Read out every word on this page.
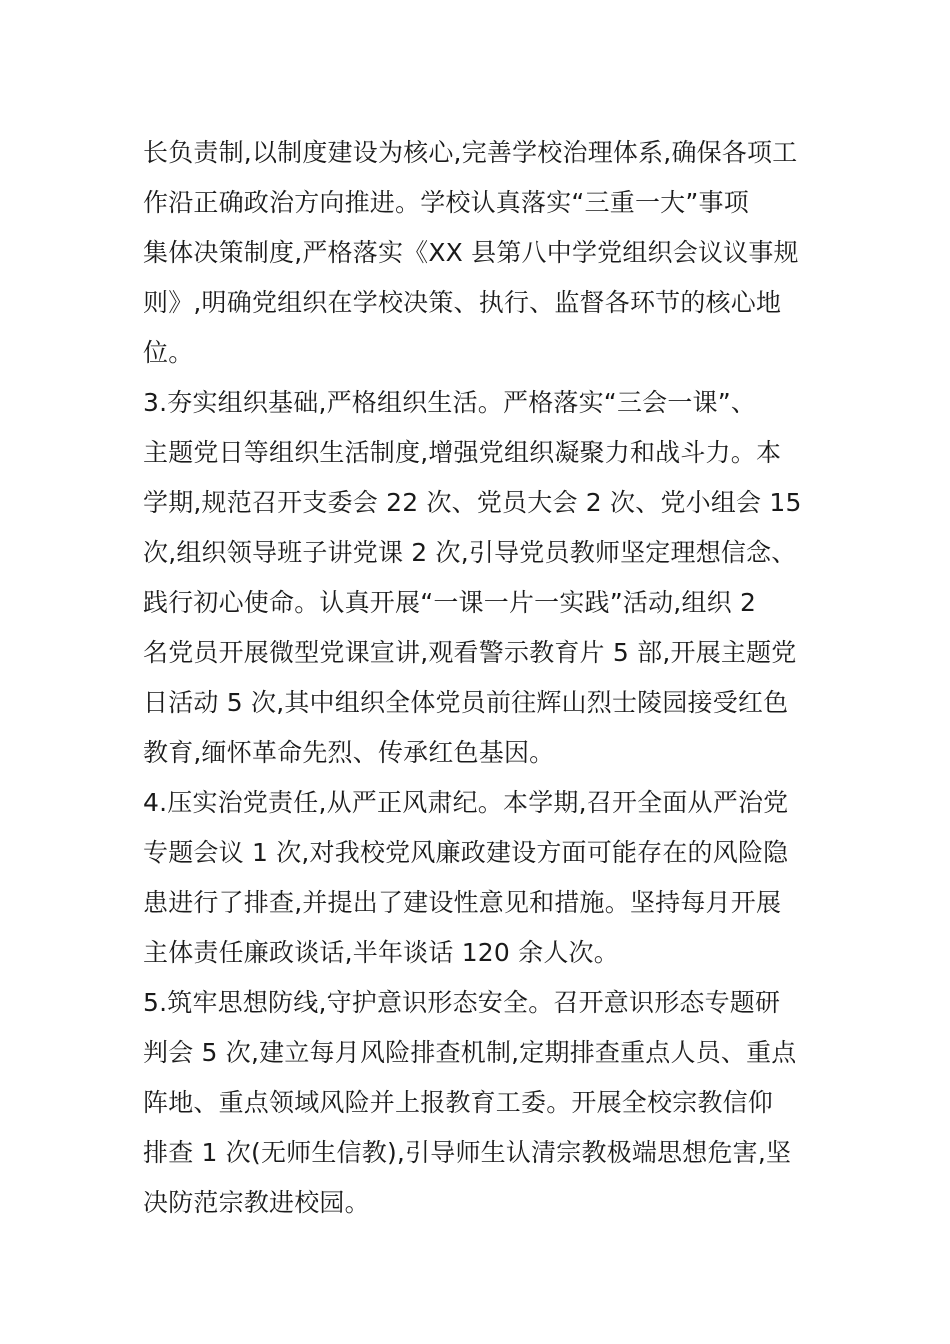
长负责制,以制度建设为核心,完善学校治理体系,确保各项工
作沿正确政治方向推进。学校认真落实“三重一大”事项
集体决策制度,严格落实《XX 县第八中学党组织会议议事规
则》,明确党组织在学校决策、执行、监督各环节的核心地
位。
3.夯实组织基础,严格组织生活。严格落实“三会一课”、
主题党日等组织生活制度,增强党组织凝聚力和战斗力。本
学期,规范召开支委会 22 次、党员大会 2 次、党小组会 15
次,组织领导班子讲党课 2 次,引导党员教师坚定理想信念、
践行初心使命。认真开展“一课一片一实践”活动,组织 2
名党员开展微型党课宣讲,观看警示教育片 5 部,开展主题党
日活动 5 次,其中组织全体党员前往辉山烈士陵园接受红色
教育,缅怀革命先烈、传承红色基因。
4.压实治党责任,从严正风肃纪。本学期,召开全面从严治党
专题会议 1 次,对我校党风廉政建设方面可能存在的风险隐
患进行了排查,并提出了建设性意见和措施。坚持每月开展
主体责任廉政谈话,半年谈话 120 余人次。
5.筑牢思想防线,守护意识形态安全。召开意识形态专题研
判会 5 次,建立每月风险排查机制,定期排查重点人员、重点
阵地、重点领域风险并上报教育工委。开展全校宗教信仰
排查 1 次(无师生信教),引导师生认清宗教极端思想危害,坚
决防范宗教进校园。
